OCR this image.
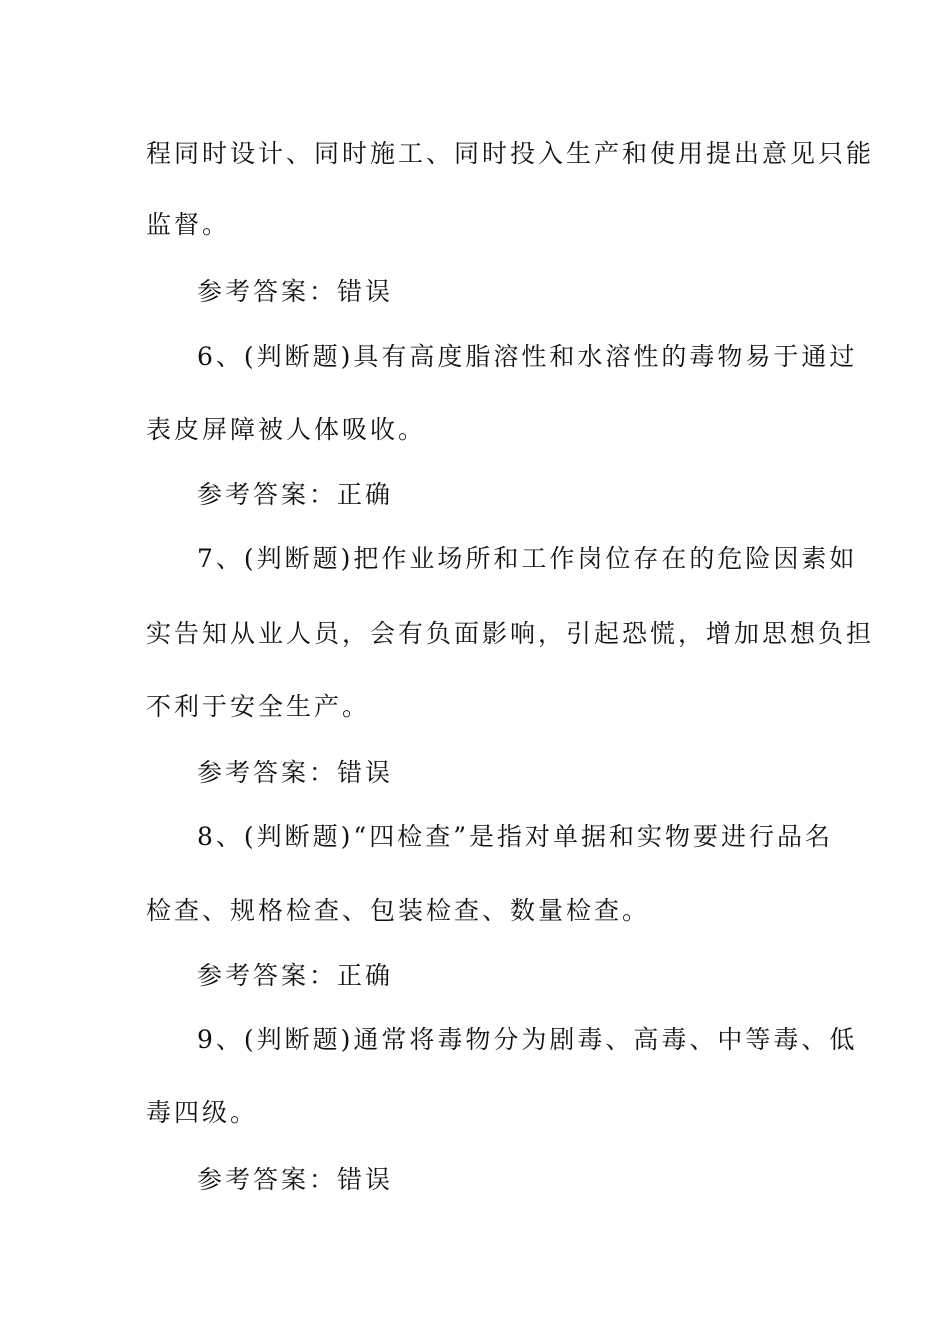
程同时设计、同时施工、同时投入生产和使用提出意见只能
监督。
参考答案：错误
6、(判断题)具有高度脂溶性和水溶性的毒物易于通过
表皮屏障被人体吸收。
参考答案：正确
7、(判断题)把作业场所和工作岗位存在的危险因素如
实告知从业人员，会有负面影响，引起恐慌，增加思想负担
不利于安全生产。
参考答案：错误
8、(判断题)“四检查”是指对单据和实物要进行品名
检查、规格检查、包装检查、数量检查。
参考答案：正确
9、(判断题)通常将毒物分为剧毒、高毒、中等毒、低
毒四级。
参考答案：错误
